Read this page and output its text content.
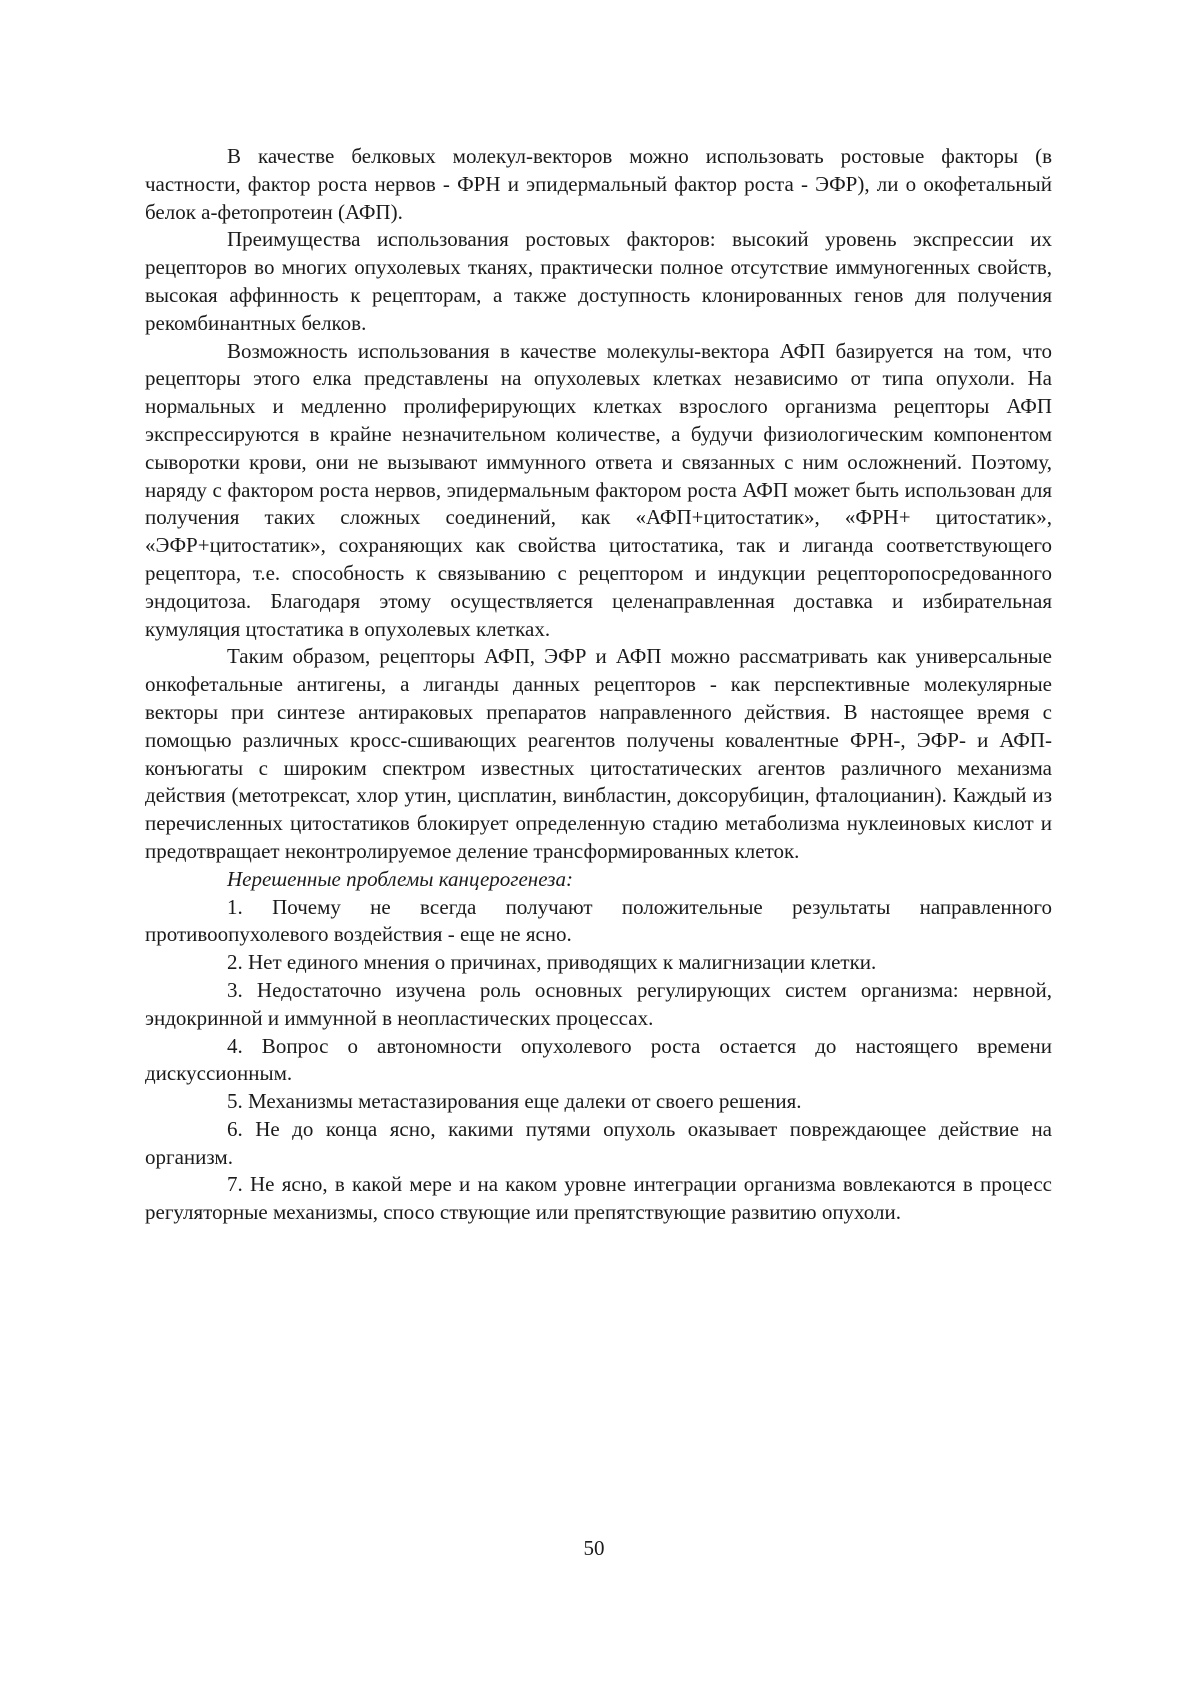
В качестве белковых молекул-векторов можно использовать ростовые факторы (в частности, фактор роста нервов - ФРН и эпидермальный фактор роста - ЭФР), ли о окофетальный белок a-фетопротеин (АФП).

Преимущества использования ростовых факторов: высокий уровень экспрессии их рецепторов во многих опухолевых тканях, практически полное отсутствие иммуногенных свойств, высокая аффинность к рецепторам, а также доступность клонированных генов для получения рекомбинантных белков.

Возможность использования в качестве молекулы-вектора АФП базируется на том, что рецепторы этого елка представлены на опухолевых клетках независимо от типа опухоли. На нормальных и медленно пролиферирующих клетках взрослого организма рецепторы АФП экспрессируются в крайне незначительном количестве, а будучи физиологическим компонентом сыворотки крови, они не вызывают иммунного ответа и связанных с ним осложнений. Поэтому, наряду с фактором роста нервов, эпидермальным фактором роста АФП может быть использован для получения таких сложных соединений, как «АФП+цитостатик», «ФРН+ цитостатик», «ЭФР+цитостатик», сохраняющих как свойства цитостатика, так и лиганда соответствующего рецептора, т.е. способность к связыванию с рецептором и индукции рецепторопосредованного эндоцитоза. Благодаря этому осуществляется целенаправленная доставка и избирательная кумуляция цтостатика в опухолевых клетках.

Таким образом, рецепторы АФП, ЭФР и АФП можно рассматривать как универсальные онкофетальные антигены, а лиганды данных рецепторов - как перспективные молекулярные векторы при синтезе антираковых препаратов направленного действия. В настоящее время с помощью различных кросс-сшивающих реагентов получены ковалентные ФРН-, ЭФР- и АФП-конъюгаты с широким спектром известных цитостатических агентов различного механизма действия (метотрексат, хлор утин, цисплатин, винбластин, доксорубицин, фталоцианин). Каждый из перечисленных цитостатиков блокирует определенную стадию метаболизма нуклеиновых кислот и предотвращает неконтролируемое деление трансформированных клеток.

Нерешенные проблемы канцерогенеза:

1. Почему не всегда получают положительные результаты направленного противоопухолевого воздействия - еще не ясно.

2. Нет единого мнения о причинах, приводящих к малигнизации клетки.

3. Недостаточно изучена роль основных регулирующих систем организма: нервной, эндокринной и иммунной в неопластических процессах.

4. Вопрос о автономности опухолевого роста остается до настоящего времени дискуссионным.

5. Механизмы метастазирования еще далеки от своего решения.

6. Не до конца ясно, какими путями опухоль оказывает повреждающее действие на организм.

7. Не ясно, в какой мере и на каком уровне интеграции организма вовлекаются в процесс регуляторные механизмы, спосо ствующие или препятствующие развитию опухоли.

50
